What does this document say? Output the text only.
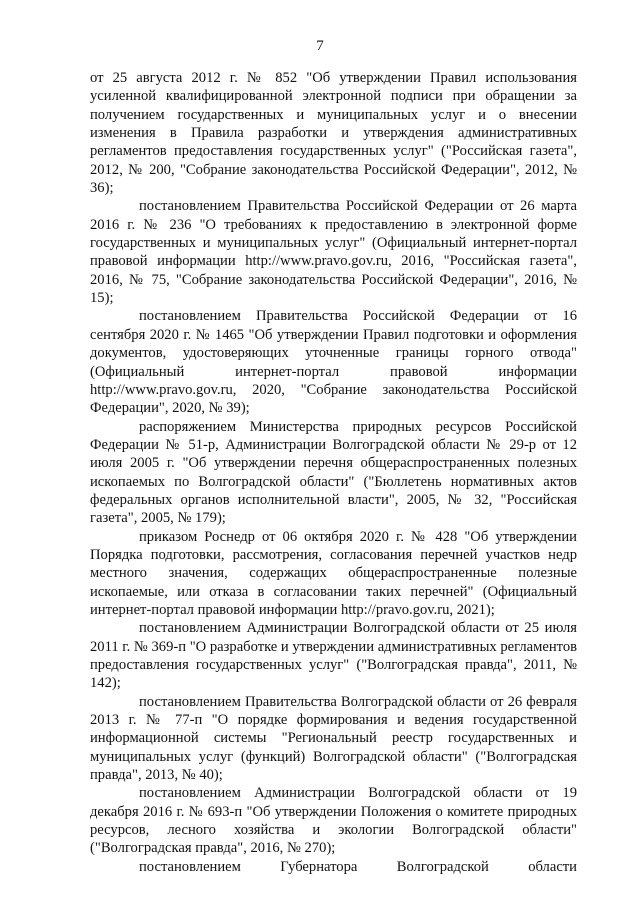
7

от 25 августа 2012 г. № 852 "Об утверждении Правил использования усиленной квалифицированной электронной подписи при обращении за получением государственных и муниципальных услуг и о внесении изменения в Правила разработки и утверждения административных регламентов предоставления государственных услуг" ("Российская газета", 2012, № 200, "Собрание законодательства Российской Федерации", 2012, № 36);

постановлением Правительства Российской Федерации от 26 марта 2016 г. № 236 "О требованиях к предоставлению в электронной форме государственных и муниципальных услуг" (Официальный интернет-портал правовой информации http://www.pravo.gov.ru, 2016, "Российская газета", 2016, № 75, "Собрание законодательства Российской Федерации", 2016, № 15);

постановлением Правительства Российской Федерации от 16 сентября 2020 г. № 1465 "Об утверждении Правил подготовки и оформления документов, удостоверяющих уточненные границы горного отвода" (Официальный интернет-портал правовой информации http://www.pravo.gov.ru, 2020, "Собрание законодательства Российской Федерации", 2020, № 39);

распоряжением Министерства природных ресурсов Российской Федерации № 51-р, Администрации Волгоградской области № 29-р от 12 июля 2005 г. "Об утверждении перечня общераспространенных полезных ископаемых по Волгоградской области" ("Бюллетень нормативных актов федеральных органов исполнительной власти", 2005, № 32, "Российская газета", 2005, № 179);

приказом Роснедр от 06 октября 2020 г. № 428 "Об утверждении Порядка подготовки, рассмотрения, согласования перечней участков недр местного значения, содержащих общераспространенные полезные ископаемые, или отказа в согласовании таких перечней" (Официальный интернет-портал правовой информации http://pravo.gov.ru, 2021);

постановлением Администрации Волгоградской области от 25 июля 2011 г. № 369-п "О разработке и утверждении административных регламентов предоставления государственных услуг" ("Волгоградская правда", 2011, № 142);

постановлением Правительства Волгоградской области от 26 февраля 2013 г. № 77-п "О порядке формирования и ведения государственной информационной системы "Региональный реестр государственных и муниципальных услуг (функций) Волгоградской области" ("Волгоградская правда", 2013, № 40);

постановлением Администрации Волгоградской области от 19 декабря 2016 г. № 693-п "Об утверждении Положения о комитете природных ресурсов, лесного хозяйства и экологии Волгоградской области" ("Волгоградская правда", 2016, № 270);

постановлением Губернатора Волгоградской области
